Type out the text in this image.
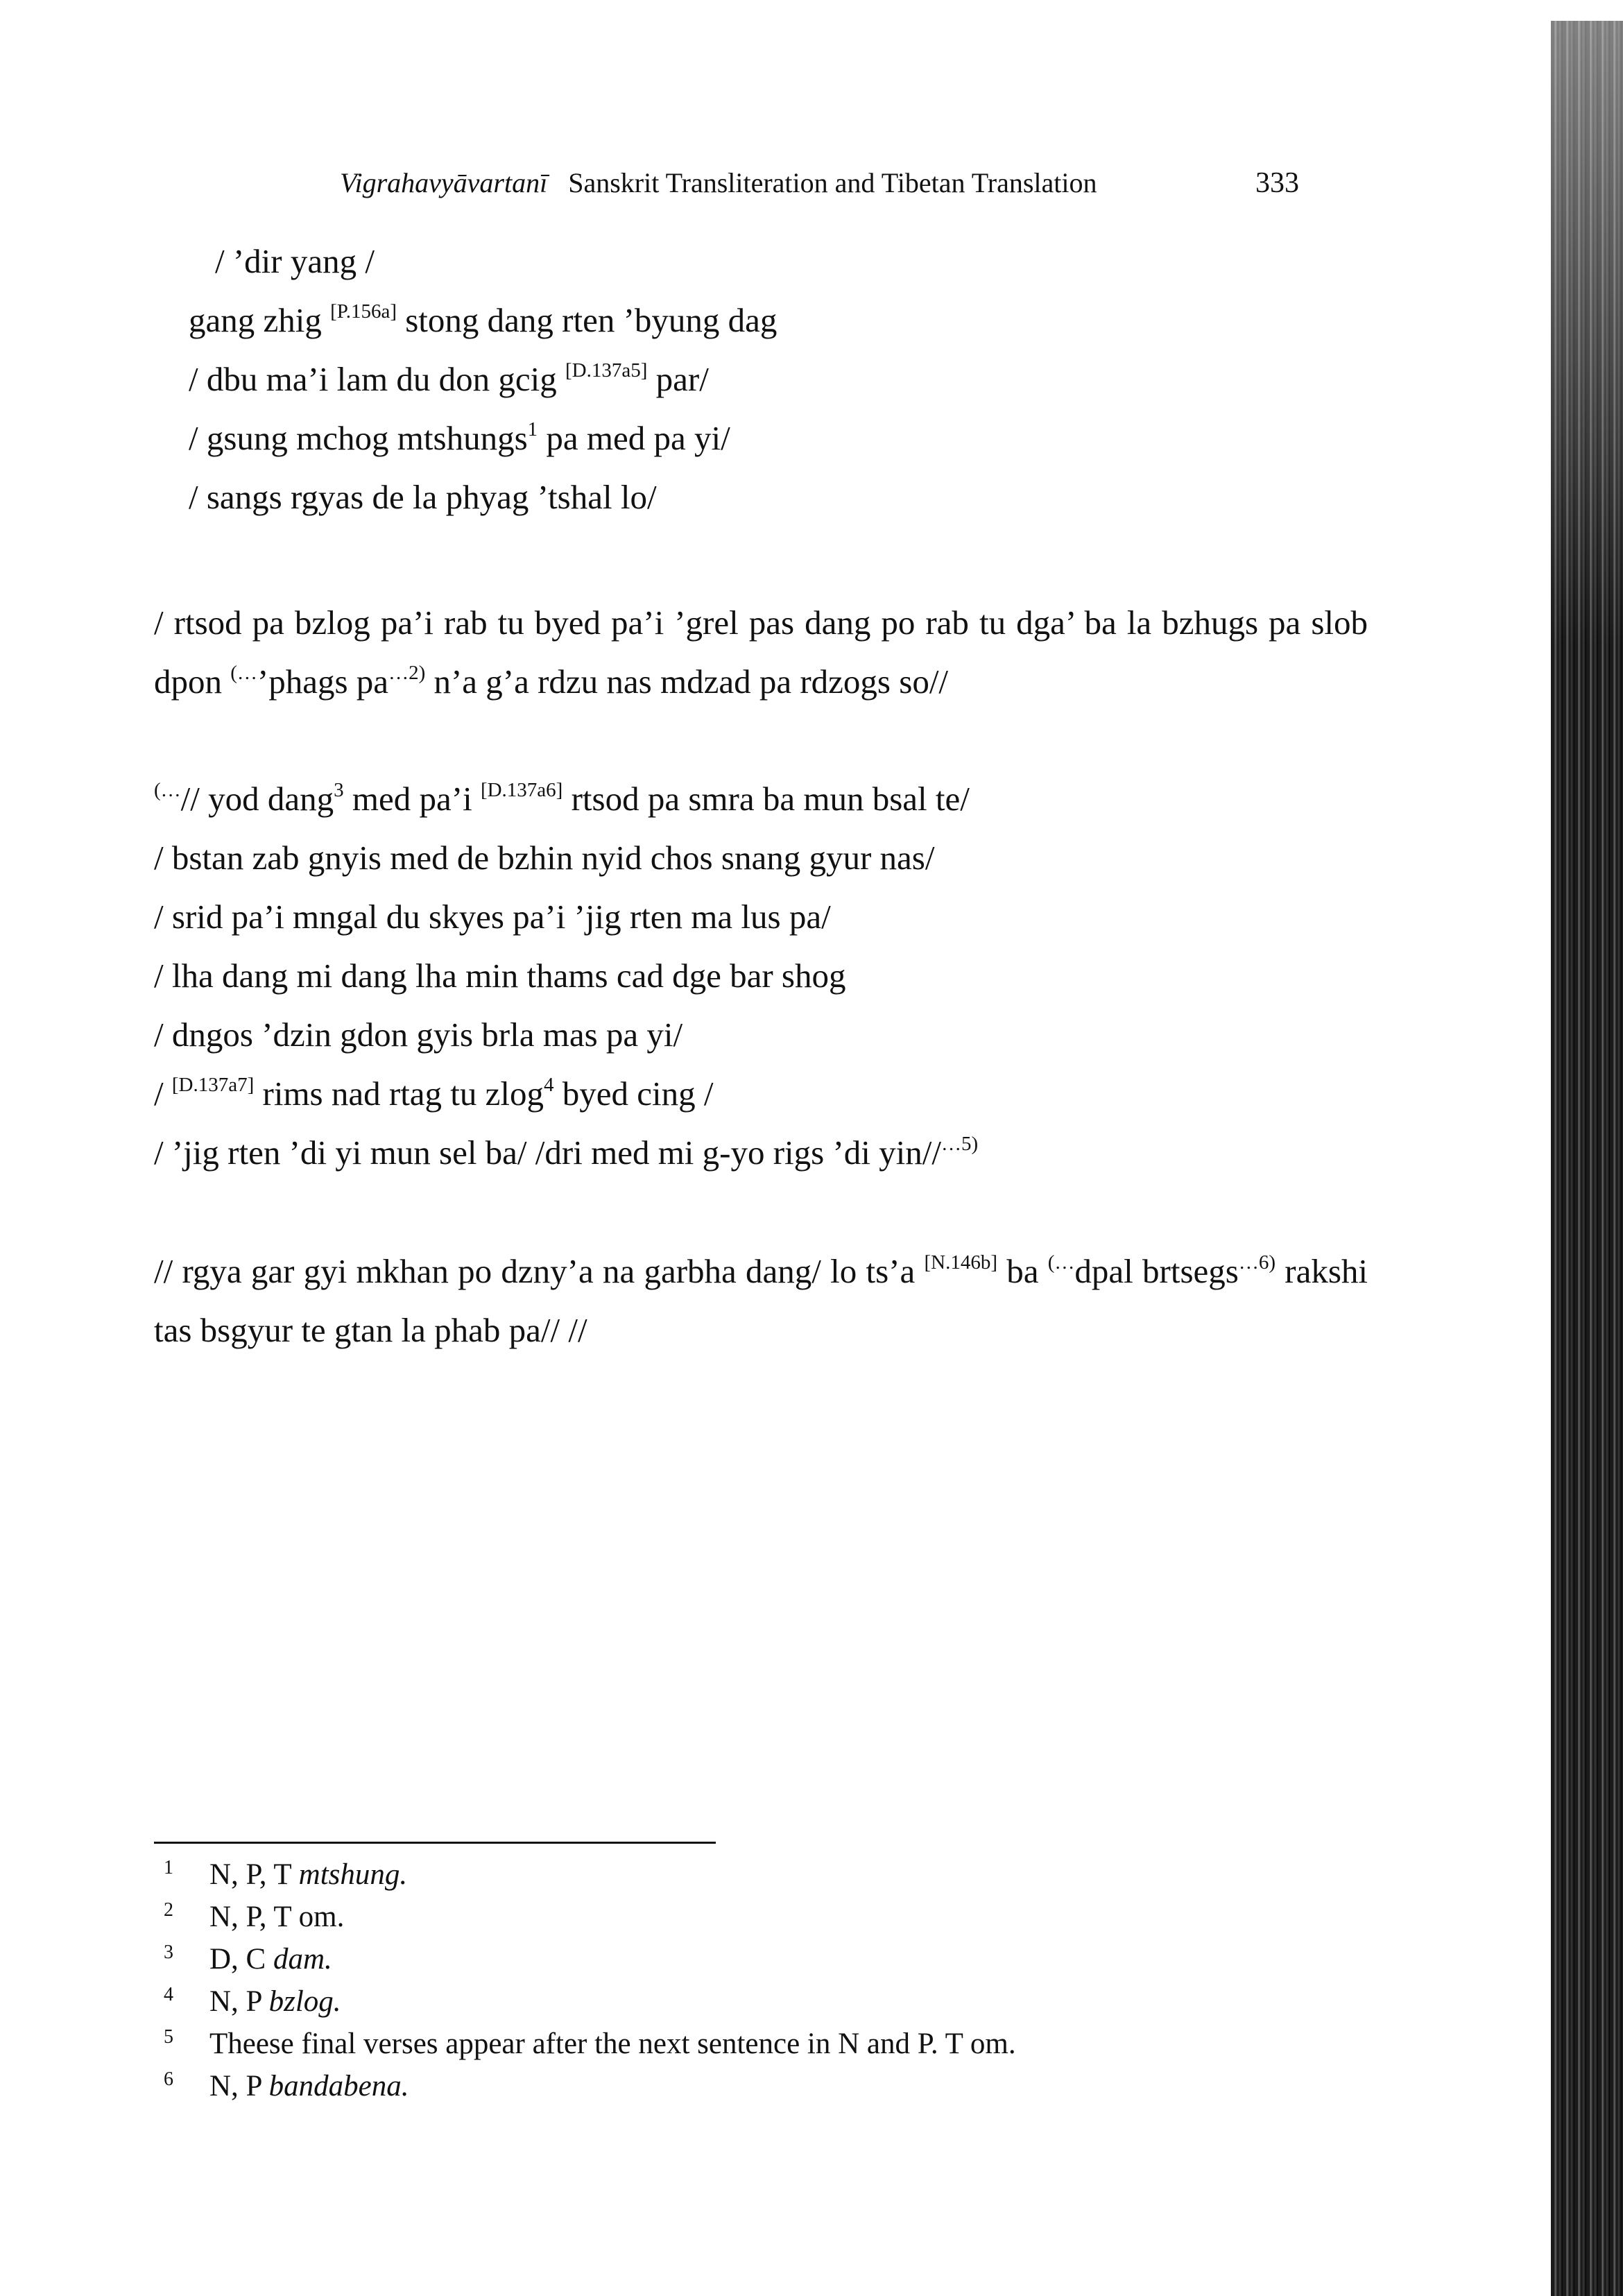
Vigrahavyāvartanī Sanskrit Transliteration and Tibetan Translation	333
/ ’dir yang /
gang zhig [P.156a] stong dang rten ’byung dag
/ dbu ma’i lam du don gcig [D.137a5] par/
/ gsung mchog mtshungs$^1$ pa med pa yi/
/ sangs rgyas de la phyag ’tshal lo/
/ rtsod pa bzlog pa’i rab tu byed pa’i ’grel pas dang po rab tu dga’ ba la bzhugs pa slob dpon (…’phags $pa^{\dots 2)}$ n’a g’a rdzu nas mdzad pa rdzogs so//
(…// yod dang$^3$ med pa’i [D.137a6] rtsod pa smra ba mun bsal te/
/ bstan zab gnyis med de bzhin nyid chos snang gyur nas/
/ srid pa’i mngal du skyes pa’i ’jig rten ma lus pa/
/ lha dang mi dang lha min thams cad dge bar shog
/ dngos ’dzin gdon gyis brla mas pa yi/
/ [D.137a7] rims nad rtag tu zlog$^4$ byed cing /
/ ’jig rten ’di yi mun sel ba/ /dri med mi g-yo rigs ’di yin//$^{\dots 5)}$
// rgya gar gyi mkhan po dzny’a na garbha dang/ lo ts’a [N.146b] ba (…dpal brtsegs$^{\dots 6)}$ rakshi tas bsgyur te gtan la phab pa// //
1	N, P, T mtshung.
2	N, P, T om.
3	D, C dam.
4	N, P bzlog.
5	Theese final verses appear after the next sentence in N and P. T om.
6	N, P bandabena.
